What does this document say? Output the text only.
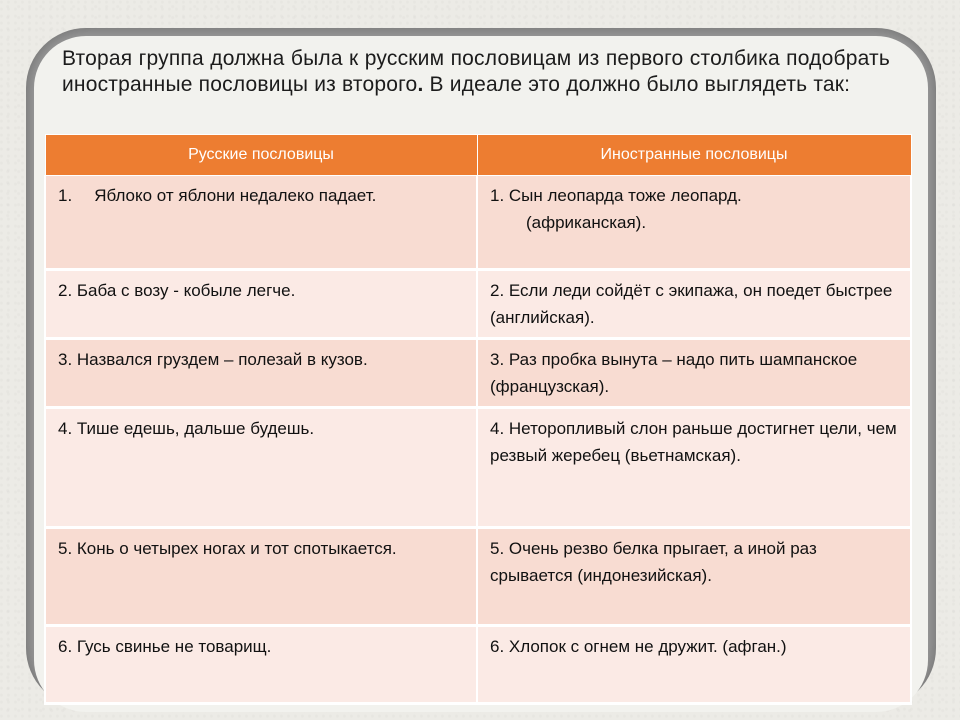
Вторая группа должна была к русским пословицам из первого столбика подобрать иностранные пословицы из второго. В идеале это должно было выглядеть так:
Русские пословицы	Иностранные пословицы
1. Яблоко от яблони недалеко падает.	1. Сын леопарда тоже леопард.
(африканская).

2. Баба с возу - кобыле легче.	2. Если леди сойдёт с экипажа, он поедет быстрее (английская).
3. Назвался груздем – полезай в кузов.	3. Раз пробка вынута – надо пить шампанское (французская).
4. Тише едешь, дальше будешь.	4. Неторопливый слон раньше достигнет цели, чем резвый жеребец (вьетнамская).
5. Конь о четырех ногах и тот спотыкается.	5. Очень резво белка прыгает, а иной раз срывается (индонезийская).
6. Гусь свинье не товарищ.	6. Хлопок с огнем не дружит. (афган.)
